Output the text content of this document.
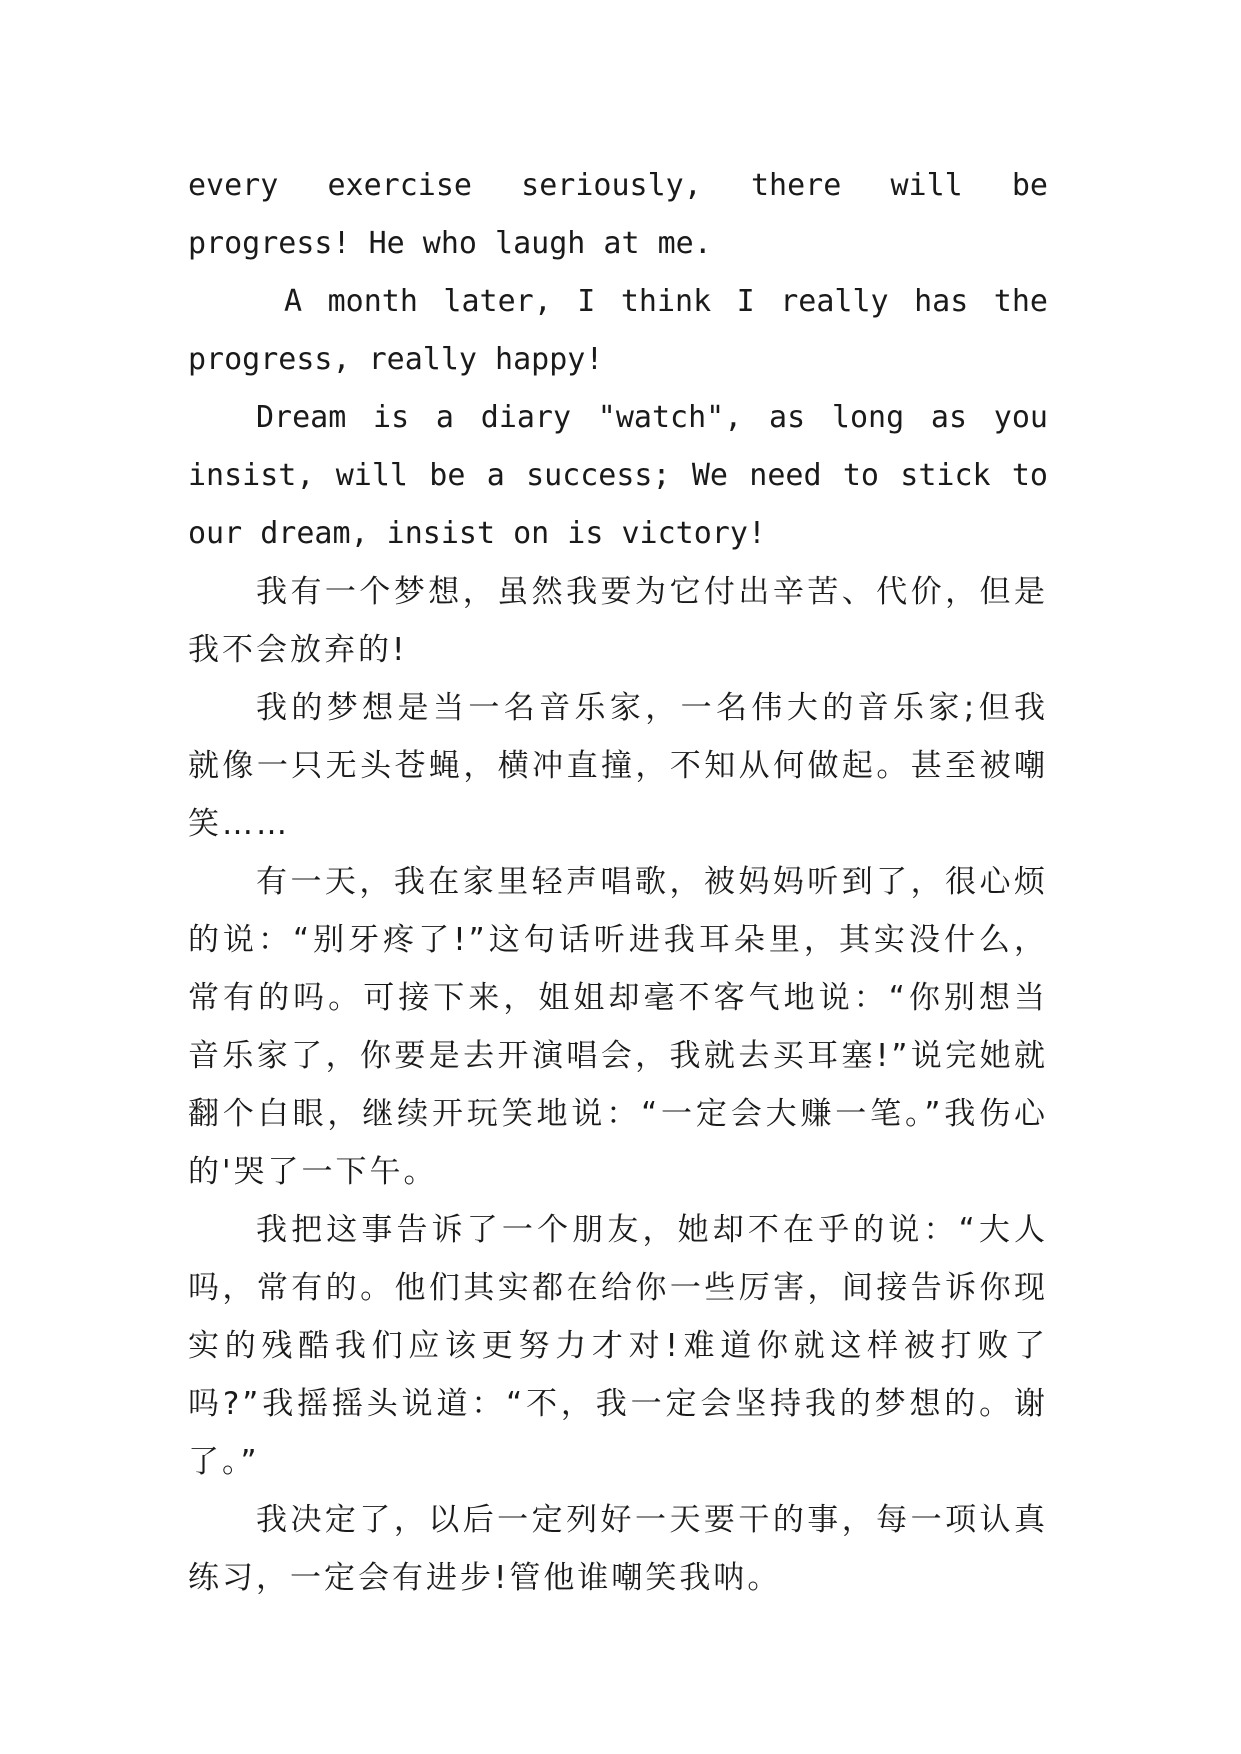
every exercise seriously, there will be progress! He who laugh at me.

A month later, I think I really has the progress, really happy!

Dream is a diary "watch", as long as you insist, will be a success; We need to stick to our dream, insist on is victory!

我有一个梦想，虽然我要为它付出辛苦、代价，但是我不会放弃的!

我的梦想是当一名音乐家，一名伟大的音乐家;但我就像一只无头苍蝇，横冲直撞，不知从何做起。甚至被嘲笑……

有一天，我在家里轻声唱歌，被妈妈听到了，很心烦的说：“别牙疼了!”这句话听进我耳朵里，其实没什么，常有的吗。可接下来，姐姐却毫不客气地说：“你别想当音乐家了，你要是去开演唱会，我就去买耳塞!”说完她就翻个白眼，继续开玩笑地说：“一定会大赚一笔。”我伤心的'哭了一下午。

我把这事告诉了一个朋友，她却不在乎的说：“大人吗，常有的。他们其实都在给你一些厉害，间接告诉你现实的残酷我们应该更努力才对!难道你就这样被打败了吗?”我摇摇头说道：“不，我一定会坚持我的梦想的。谢了。”

我决定了，以后一定列好一天要干的事，每一项认真练习，一定会有进步!管他谁嘲笑我呐。
